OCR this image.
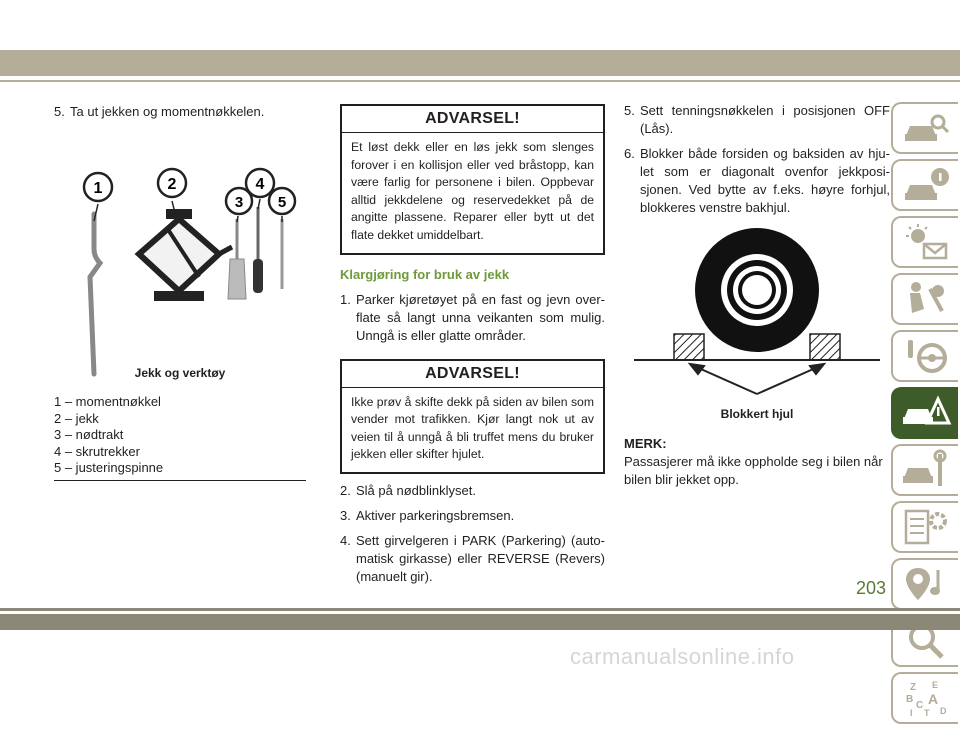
5. Ta ut jekken og momentnøkkelen.
1	2
3
4
5
Jekk og verktøy
1 – momentnøkkel
2 – jekk
3 – nødtrakt
4 – skrutrekker
5 – justeringspinne
ADVARSEL!
Et løst dekk eller en løs jekk som slenges forover i en kollisjon eller ved bråstopp, kan være farlig for personene i bilen. Oppbevar alltid jekkdelene og reservedekket på de angitte plassene. Reparer eller bytt ut det flate dekket umiddelbart.
Klargjøring for bruk av jekk
1. Parker kjøretøyet på en fast og jevn overflate så langt unna veikanten som mulig. Unngå is eller glatte områder.
ADVARSEL!
Ikke prøv å skifte dekk på siden av bilen som vender mot trafikken. Kjør langt nok ut av veien til å unngå å bli truffet mens du bruker jekken eller skifter hjulet.
2. Slå på nødblinklyset.
3. Aktiver parkeringsbremsen.
4. Sett girvelgeren i PARK (Parkering) (automatisk girkasse) eller REVERSE (Revers) (manuelt gir).
5. Sett tenningsnøkkelen i posisjonen OFF (Lås).
6. Blokker både forsiden og baksiden av hjulet som er diagonalt ovenfor jekkposisjonen. Ved bytte av f.eks. høyre forhjul, blokkeres venstre bakhjul.
Blokkert hjul
MERK:
Passasjerer må ikke oppholde seg i bilen når bilen blir jekket opp.
Z E
B A
C
T D
I
203
carmanualsonline.info
